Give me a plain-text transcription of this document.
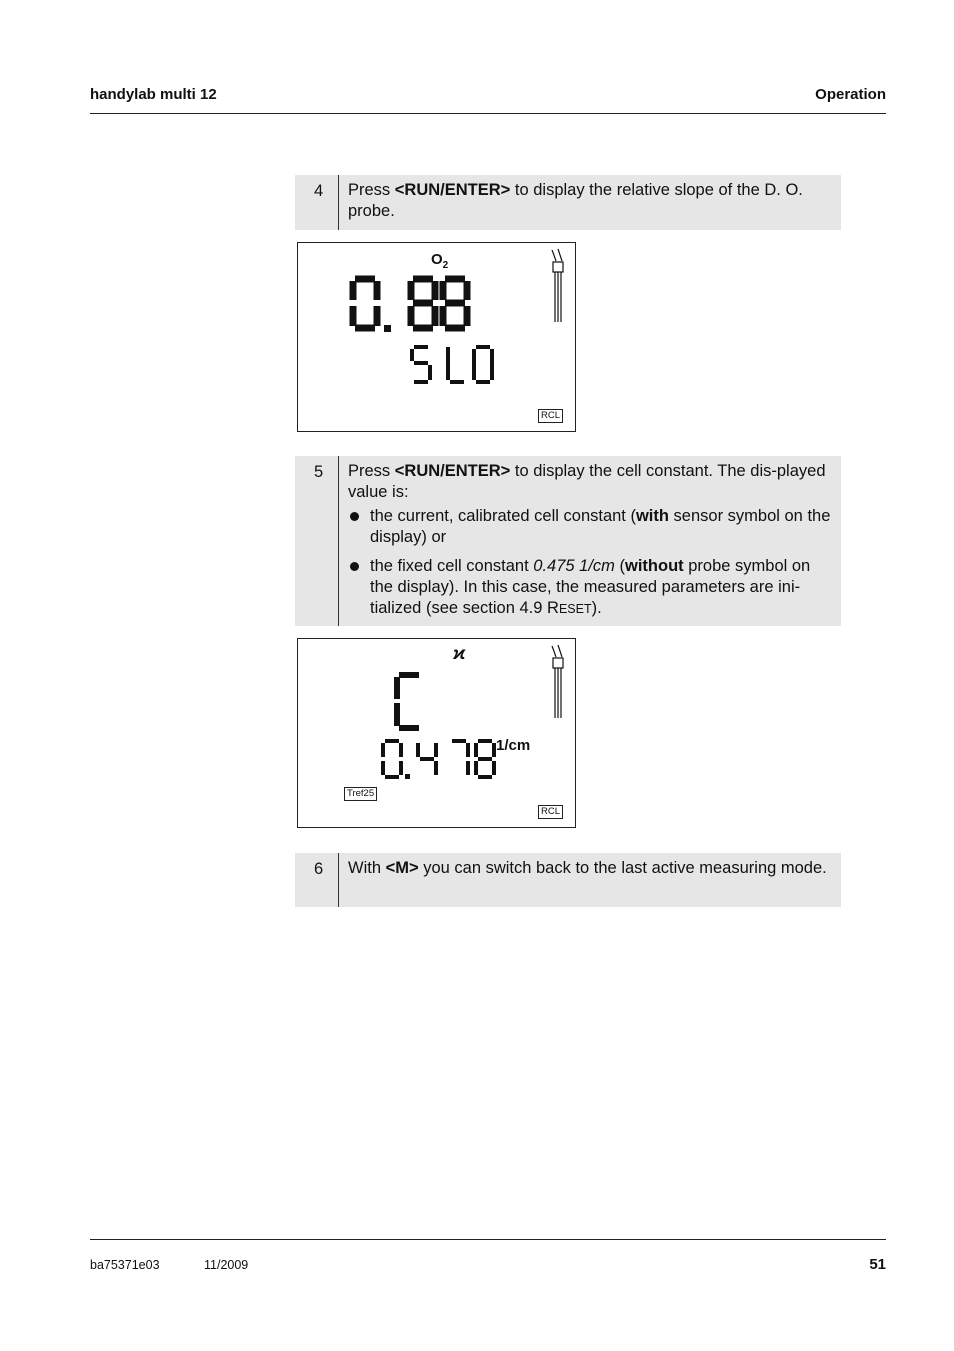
handylab multi 12	Operation
4	Press <RUN/ENTER> to display the relative slope of the D. O. probe.

$O_2$
RCL
5	Press <RUN/ENTER> to display the cell constant. The dis-played value is:

the current, calibrated cell constant (with sensor symbol on the display) or
the fixed cell constant 0.475 1/cm (without probe symbol on the display). In this case, the measured parameters are ini-tialized (see section 4.9 RESET).
ϰ
1/cm
Tref25
RCL
6	With <M> you can switch back to the last active measuring mode.

ba75371e03	11/2009	51
